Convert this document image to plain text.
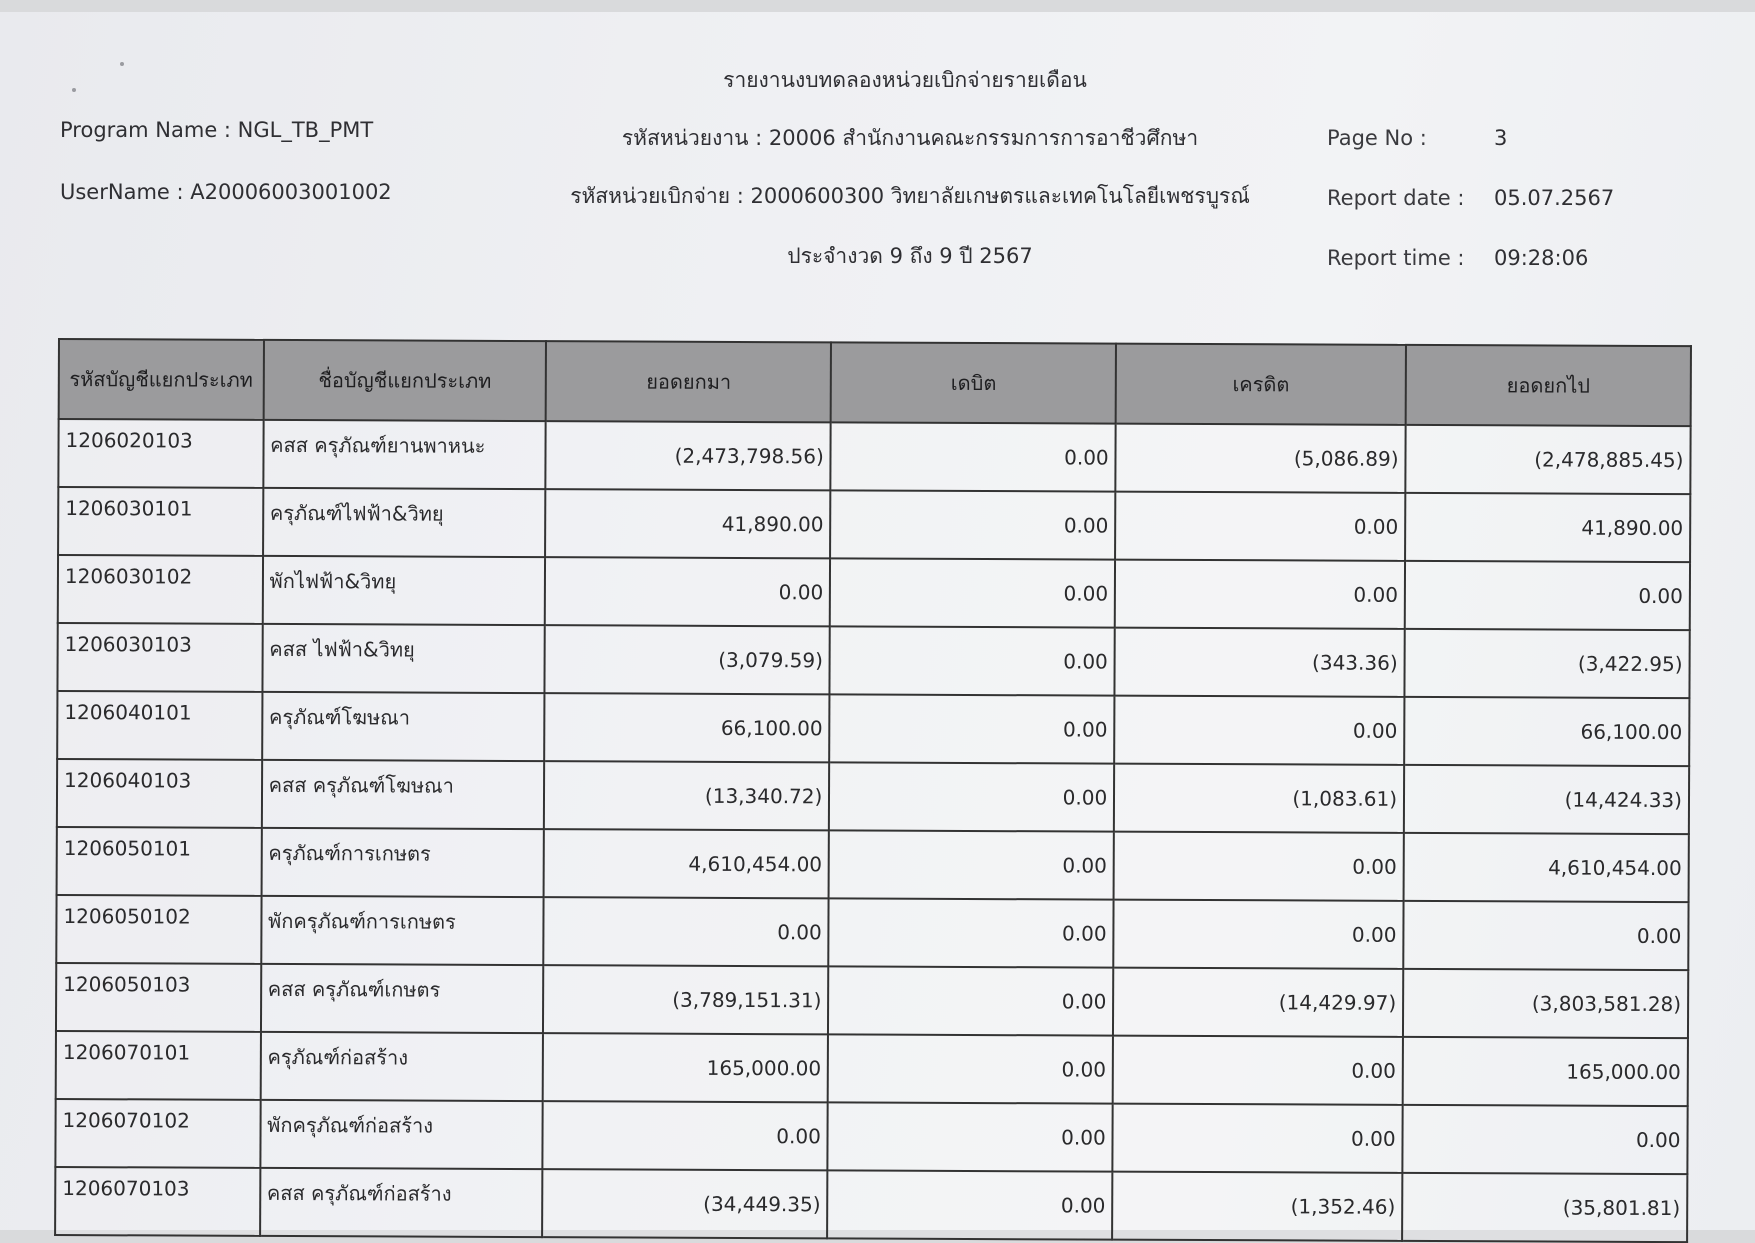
รายงานงบทดลองหน่วยเบิกจ่ายรายเดือน
Program Name : NGL_TB_PMT
UserName : A20006003001002
รหัสหน่วยงาน : 20006 สำนักงานคณะกรรมการการอาชีวศึกษา
รหัสหน่วยเบิกจ่าย : 2000600300 วิทยาลัยเกษตรและเทคโนโลยีเพชรบูรณ์
ประจำงวด 9 ถึง 9 ปี 2567
Page No :	3
Report date : 05.07.2567
Report time : 09:28:06
รหัสบัญชีแยกประเภท	ชื่อบัญชีแยกประเภท	ยอดยกมา	เดบิต	เครดิต	ยอดยกไป
1206020103	คสส ครุภัณฑ์ยานพาหนะ	(2,473,798.56)	0.00	(5,086.89)	(2,478,885.45)
1206030101	ครุภัณฑ์ไฟฟ้า&วิทยุ	41,890.00	0.00	0.00	41,890.00
1206030102	พักไฟฟ้า&วิทยุ	0.00	0.00	0.00	0.00
1206030103	คสส ไฟฟ้า&วิทยุ	(3,079.59)	0.00	(343.36)	(3,422.95)
1206040101	ครุภัณฑ์โฆษณา	66,100.00	0.00	0.00	66,100.00
1206040103	คสส ครุภัณฑ์โฆษณา	(13,340.72)	0.00	(1,083.61)	(14,424.33)
1206050101	ครุภัณฑ์การเกษตร	4,610,454.00	0.00	0.00	4,610,454.00
1206050102	พักครุภัณฑ์การเกษตร	0.00	0.00	0.00	0.00
1206050103	คสส ครุภัณฑ์เกษตร	(3,789,151.31)	0.00	(14,429.97)	(3,803,581.28)
1206070101	ครุภัณฑ์ก่อสร้าง	165,000.00	0.00	0.00	165,000.00
1206070102	พักครุภัณฑ์ก่อสร้าง	0.00	0.00	0.00	0.00
1206070103	คสส ครุภัณฑ์ก่อสร้าง	(34,449.35)	0.00	(1,352.46)	(35,801.81)
